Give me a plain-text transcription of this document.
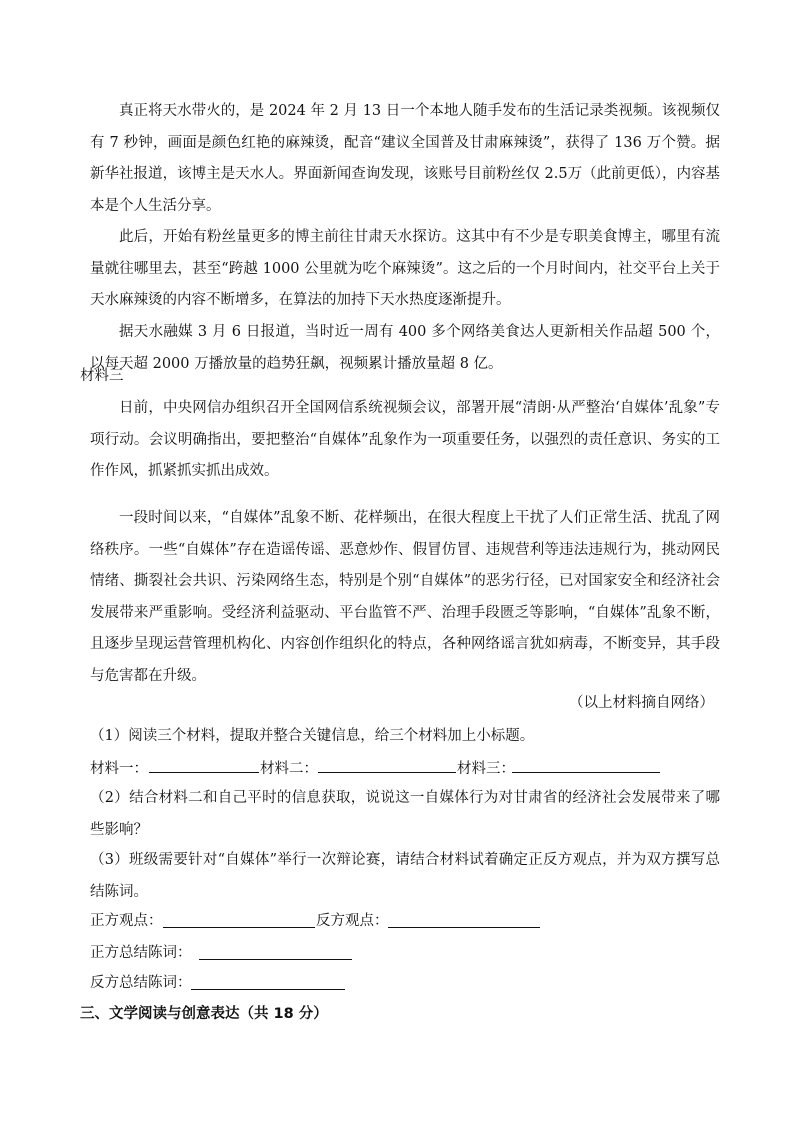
真正将天水带火的，是 2024 年 2 月 13 日一个本地人随手发布的生活记录类视频。该视频仅有 7 秒钟，画面是颜色红艳的麻辣烫，配音“建议全国普及甘肃麻辣烫”，获得了 136 万个赞。据新华社报道，该博主是天水人。界面新闻查询发现，该账号目前粉丝仅 2.5万（此前更低），内容基本是个人生活分享。

此后，开始有粉丝量更多的博主前往甘肃天水探访。这其中有不少是专职美食博主，哪里有流量就往哪里去，甚至“跨越 1000 公里就为吃个麻辣烫”。这之后的一个月时间内，社交平台上关于天水麻辣烫的内容不断增多，在算法的加持下天水热度逐渐提升。

据天水融媒 3 月 6 日报道，当时近一周有 400 多个网络美食达人更新相关作品超 500 个，以每天超 2000 万播放量的趋势狂飙，视频累计播放量超 8 亿。

材料三

日前，中央网信办组织召开全国网信系统视频会议，部署开展“清朗·从严整治‘自媒体’乱象”专项行动。会议明确指出，要把整治“自媒体”乱象作为一项重要任务，以强烈的责任意识、务实的工作作风，抓紧抓实抓出成效。

一段时间以来，“自媒体”乱象不断、花样频出，在很大程度上干扰了人们正常生活、扰乱了网络秩序。一些“自媒体”存在造谣传谣、恶意炒作、假冒仿冒、违规营利等违法违规行为，挑动网民情绪、撕裂社会共识、污染网络生态，特别是个别“自媒体”的恶劣行径，已对国家安全和经济社会发展带来严重影响。受经济利益驱动、平台监管不严、治理手段匮乏等影响，“自媒体”乱象不断，且逐步呈现运营管理机构化、内容创作组织化的特点，各种网络谣言犹如病毒，不断变异，其手段与危害都在升级。

（以上材料摘自网络）
（1）阅读三个材料，提取并整合关键信息，给三个材料加上小标题。
材料一：	材料二：	材料三：

（2）结合材料二和自己平时的信息获取，说说这一自媒体行为对甘肃省的经济社会发展带来了哪些影响？

（3）班级需要针对“自媒体”举行一次辩论赛，请结合材料试着确定正反方观点，并为双方撰写总结陈词。

正方观点：	反方观点：
正方总结陈词：
反方总结陈词：
三、文学阅读与创意表达（共 18 分）
